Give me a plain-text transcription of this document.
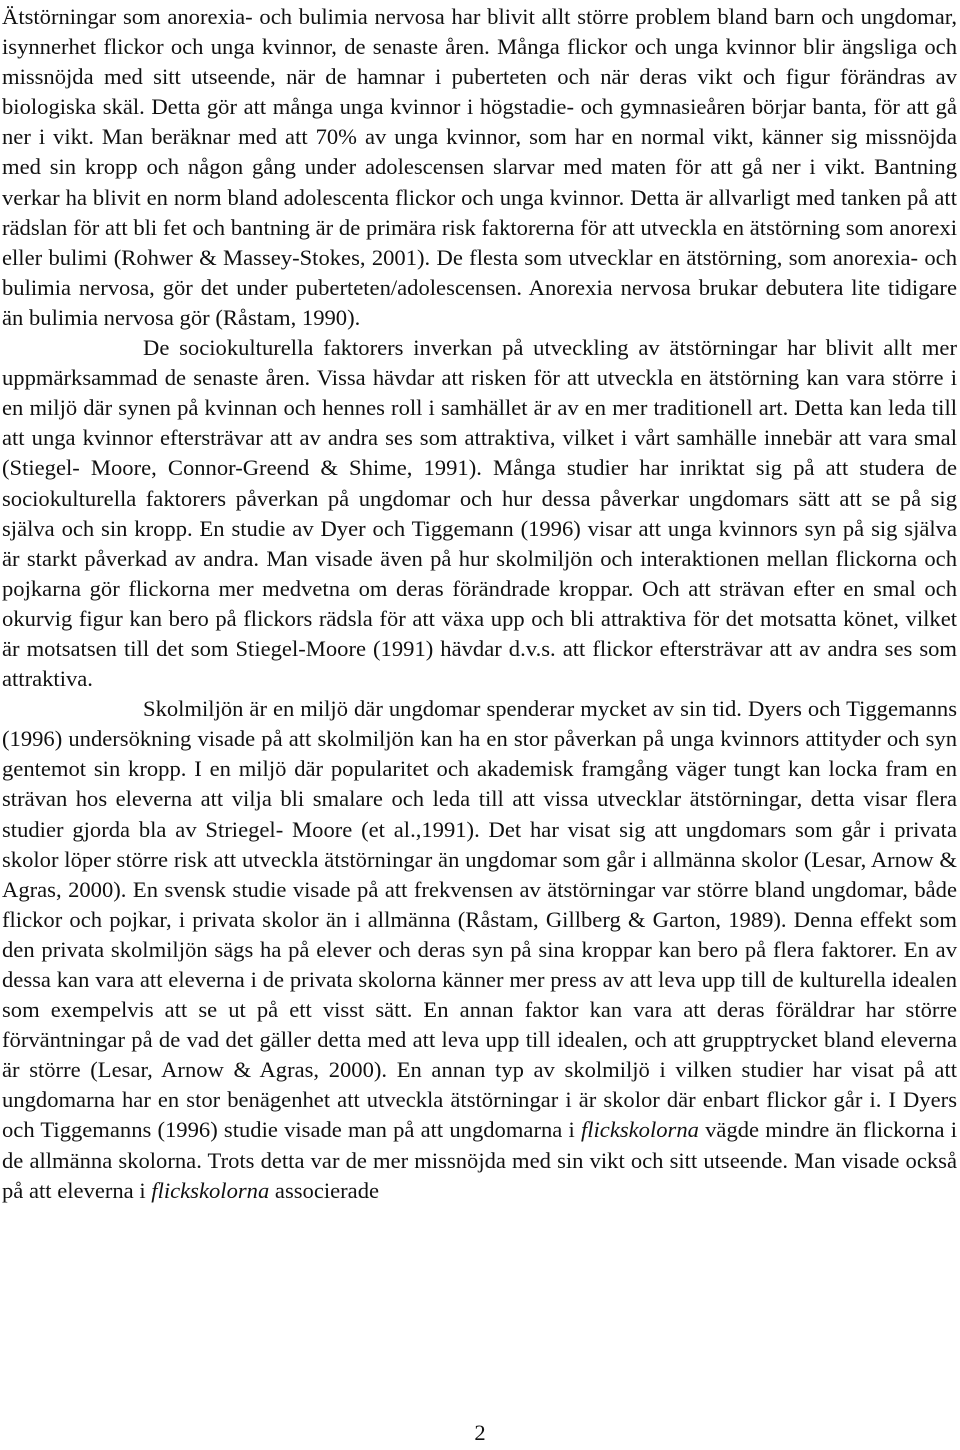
Ätstörningar som anorexia- och bulimia nervosa har blivit allt större problem bland barn och ungdomar, isynnerhet flickor och unga kvinnor, de senaste åren. Många flickor och unga kvinnor blir ängsliga och missnöjda med sitt utseende, när de hamnar i puberteten och när deras vikt och figur förändras av biologiska skäl. Detta gör att många unga kvinnor i högstadie- och gymnasieåren börjar banta, för att gå ner i vikt. Man beräknar med att 70% av unga kvinnor, som har en normal vikt, känner sig missnöjda med sin kropp och någon gång under adolescensen slarvar med maten för att gå ner i vikt. Bantning verkar ha blivit en norm bland adolescenta flickor och unga kvinnor. Detta är allvarligt med tanken på att rädslan för att bli fet och bantning är de primära risk faktorerna för att utveckla en ätstörning som anorexi eller bulimi (Rohwer & Massey-Stokes, 2001). De flesta som utvecklar en ätstörning, som anorexia- och bulimia nervosa, gör det under puberteten/adolescensen. Anorexia nervosa brukar debutera lite tidigare än bulimia nervosa gör (Råstam, 1990).

De sociokulturella faktorers inverkan på utveckling av ätstörningar har blivit allt mer uppmärksammad de senaste åren. Vissa hävdar att risken för att utveckla en ätstörning kan vara större i en miljö där synen på kvinnan och hennes roll i samhället är av en mer traditionell art. Detta kan leda till att unga kvinnor eftersträvar att av andra ses som attraktiva, vilket i vårt samhälle innebär att vara smal (Stiegel- Moore, Connor-Greend & Shime, 1991). Många studier har inriktat sig på att studera de sociokulturella faktorers påverkan på ungdomar och hur dessa påverkar ungdomars sätt att se på sig själva och sin kropp. En studie av Dyer och Tiggemann (1996) visar att unga kvinnors syn på sig själva är starkt påverkad av andra. Man visade även på hur skolmiljön och interaktionen mellan flickorna och pojkarna gör flickorna mer medvetna om deras förändrade kroppar. Och att strävan efter en smal och okurvig figur kan bero på flickors rädsla för att växa upp och bli attraktiva för det motsatta könet, vilket är motsatsen till det som Stiegel-Moore (1991) hävdar d.v.s. att flickor eftersträvar att av andra ses som attraktiva.

Skolmiljön är en miljö där ungdomar spenderar mycket av sin tid. Dyers och Tiggemanns (1996) undersökning visade på att skolmiljön kan ha en stor påverkan på unga kvinnors attityder och syn gentemot sin kropp. I en miljö där popularitet och akademisk framgång väger tungt kan locka fram en strävan hos eleverna att vilja bli smalare och leda till att vissa utvecklar ätstörningar, detta visar flera studier gjorda bla av Striegel- Moore (et al.,1991). Det har visat sig att ungdomars som går i privata skolor löper större risk att utveckla ätstörningar än ungdomar som går i allmänna skolor (Lesar, Arnow & Agras, 2000). En svensk studie visade på att frekvensen av ätstörningar var större bland ungdomar, både flickor och pojkar, i privata skolor än i allmänna (Råstam, Gillberg & Garton, 1989). Denna effekt som den privata skolmiljön sägs ha på elever och deras syn på sina kroppar kan bero på flera faktorer. En av dessa kan vara att eleverna i de privata skolorna känner mer press av att leva upp till de kulturella idealen som exempelvis att se ut på ett visst sätt. En annan faktor kan vara att deras föräldrar har större förväntningar på de vad det gäller detta med att leva upp till idealen, och att grupptrycket bland eleverna är större (Lesar, Arnow & Agras, 2000). En annan typ av skolmiljö i vilken studier har visat på att ungdomarna har en stor benägenhet att utveckla ätstörningar i är skolor där enbart flickor går i. I Dyers och Tiggemanns (1996) studie visade man på att ungdomarna i flickskolorna vägde mindre än flickorna i de allmänna skolorna. Trots detta var de mer missnöjda med sin vikt och sitt utseende. Man visade också på att eleverna i flickskolorna associerade

2
